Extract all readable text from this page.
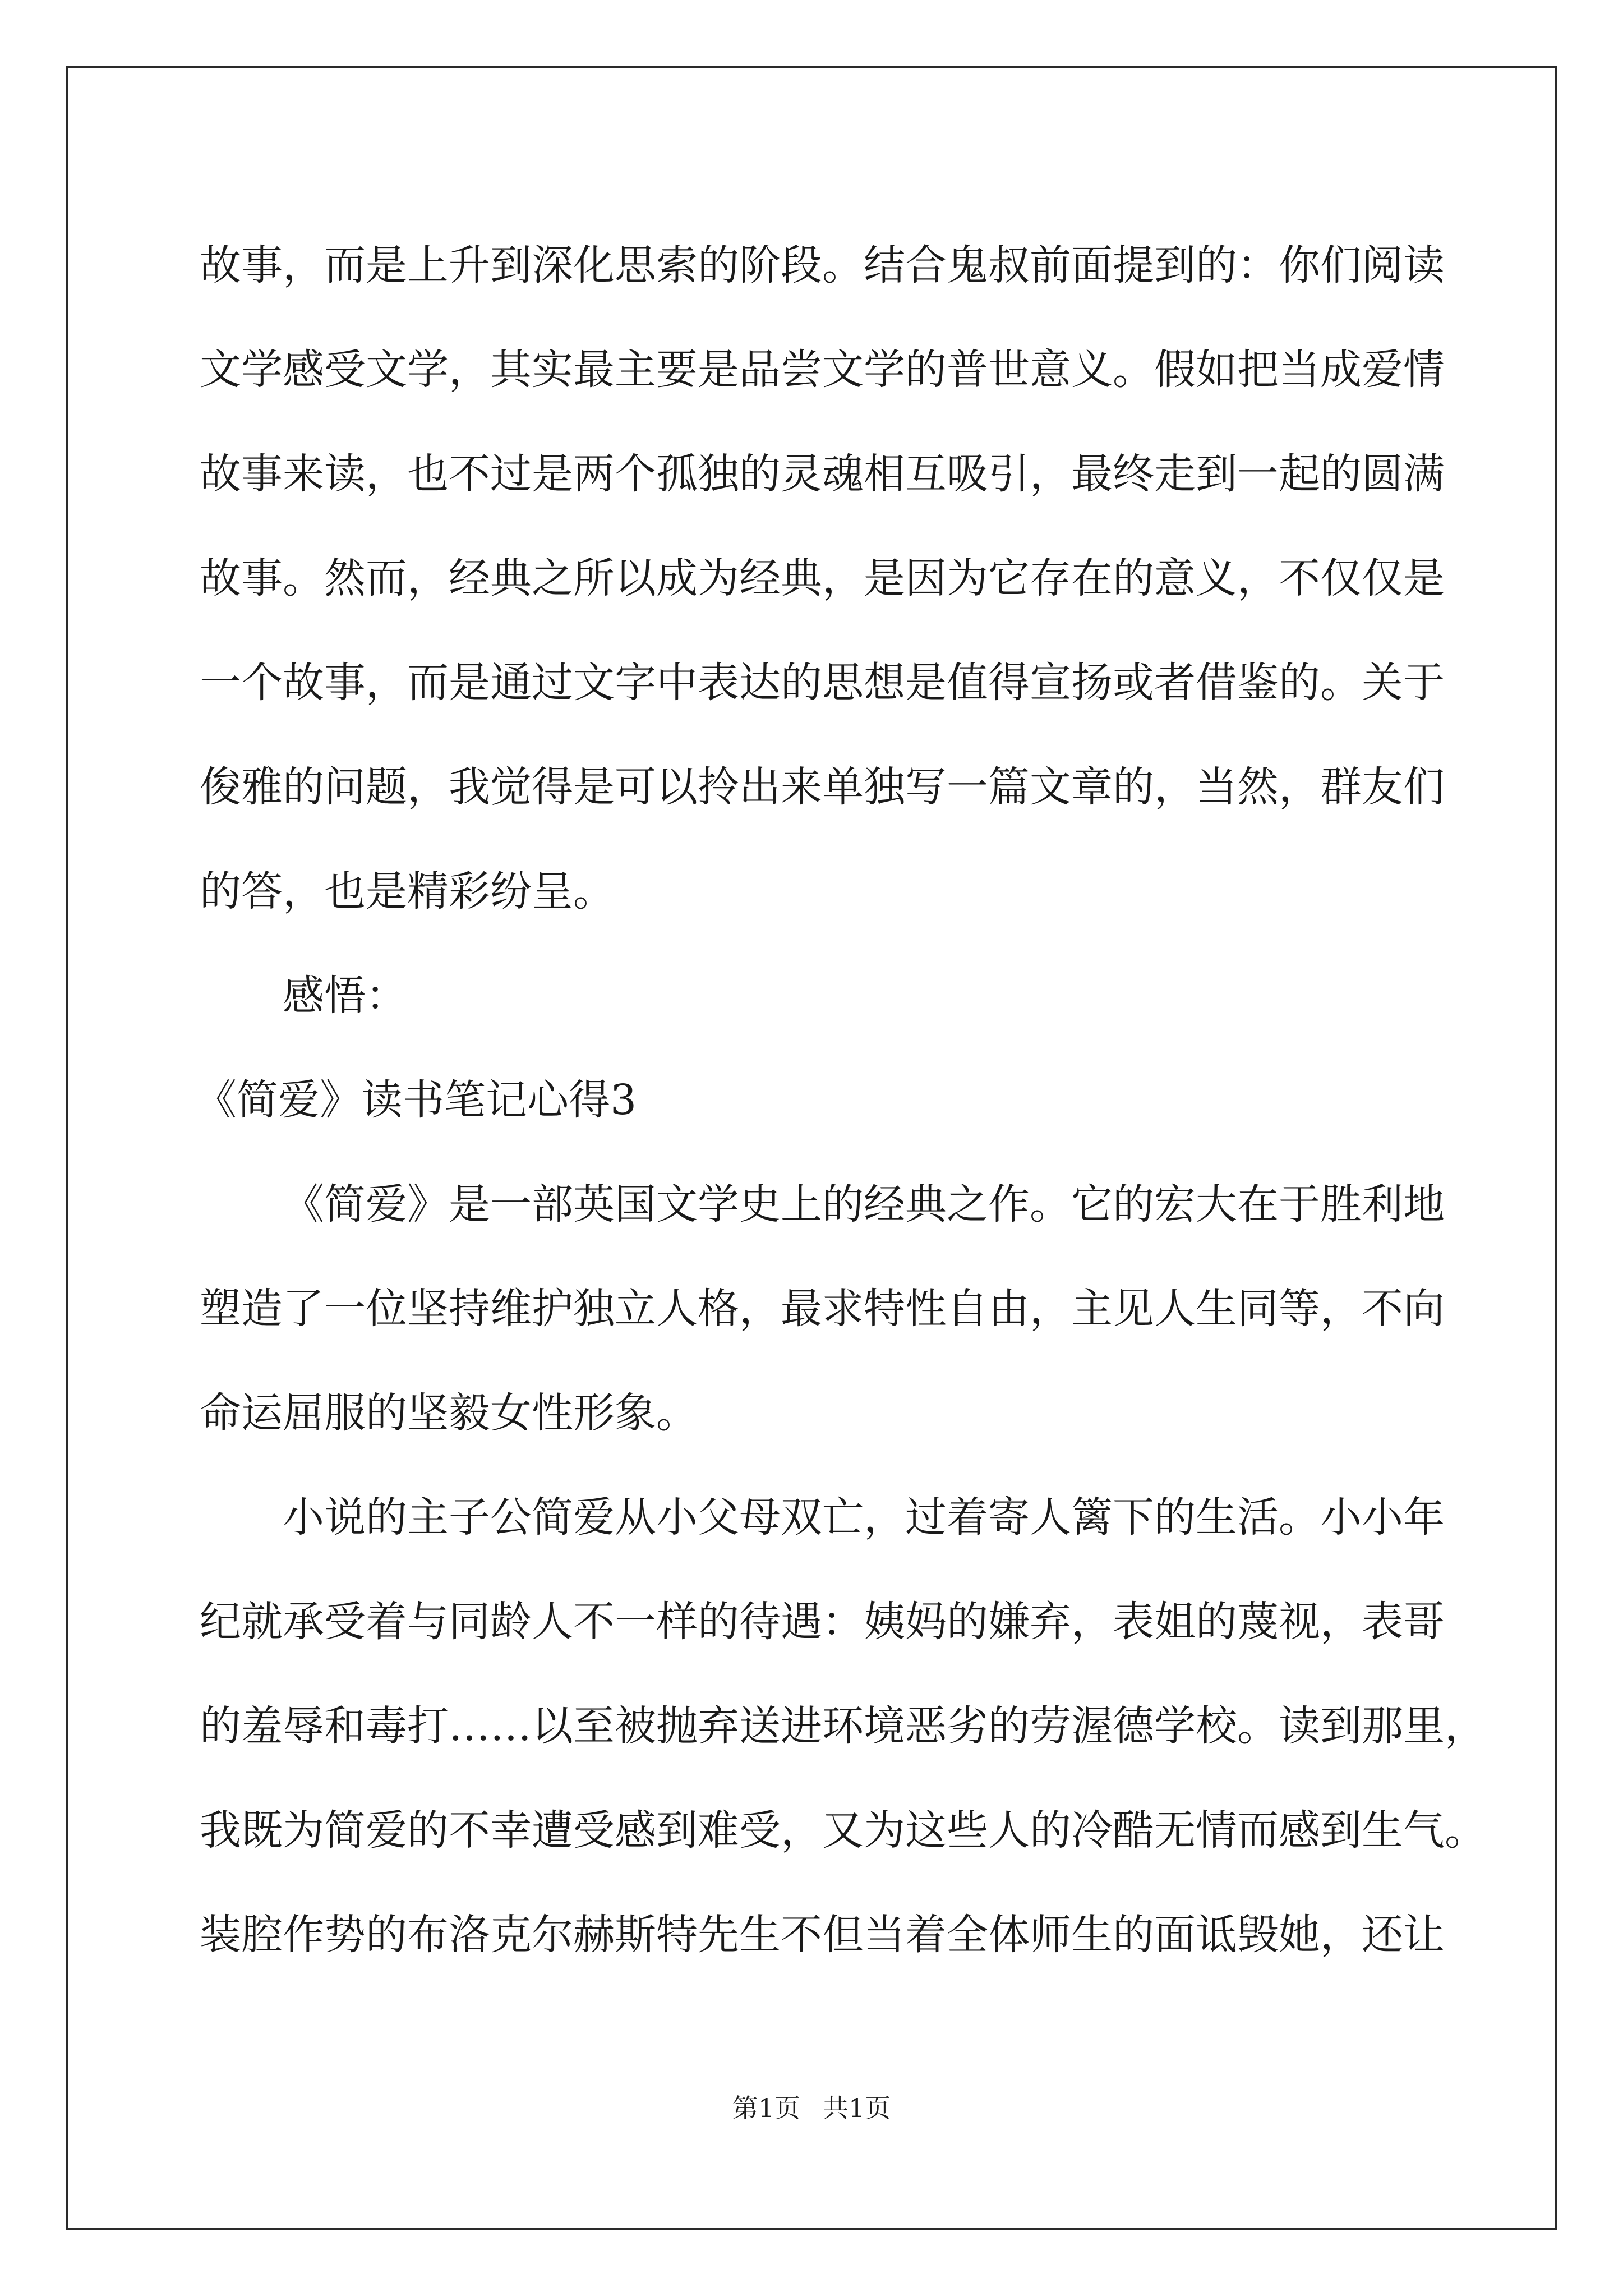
故事，而是上升到深化思索的阶段。结合鬼叔前面提到的：你们阅读
文学感受文学，其实最主要是品尝文学的普世意义。假如把当成爱情
故事来读，也不过是两个孤独的灵魂相互吸引，最终走到一起的圆满
故事。然而，经典之所以成为经典，是因为它存在的意义，不仅仅是
一个故事，而是通过文字中表达的思想是值得宣扬或者借鉴的。关于
俊雅的问题，我觉得是可以拎出来单独写一篇文章的，当然，群友们
的答，也是精彩纷呈。
感悟：
《简爱》读书笔记心得3
《简爱》是一部英国文学史上的经典之作。它的宏大在于胜利地
塑造了一位坚持维护独立人格，最求特性自由，主见人生同等，不向
命运屈服的坚毅女性形象。
小说的主子公简爱从小父母双亡，过着寄人篱下的生活。小小年
纪就承受着与同龄人不一样的待遇：姨妈的嫌弃，表姐的蔑视，表哥
的羞辱和毒打……以至被抛弃送进环境恶劣的劳渥德学校。读到那里，
我既为简爱的不幸遭受感到难受，又为这些人的冷酷无情而感到生气。
装腔作势的布洛克尔赫斯特先生不但当着全体师生的面诋毁她，还让
第1页 共1页
